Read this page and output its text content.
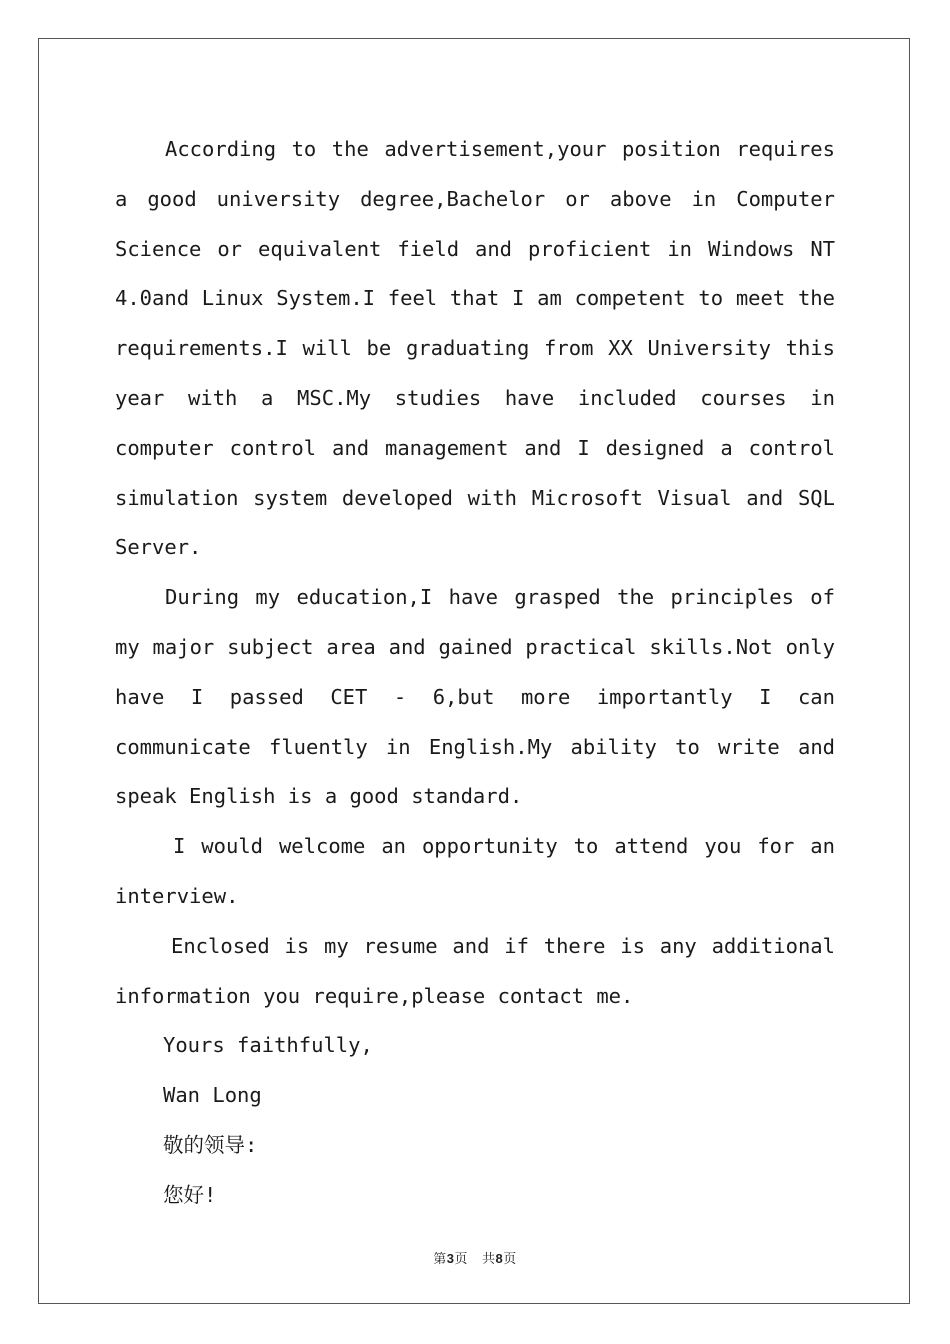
According to the advertisement,your position requires a good university degree,Bachelor or above in Computer Science or equivalent field and proficient in Windows NT 4.0and Linux System.I feel that I am competent to meet the requirements.I will be graduating from XX University this year with a MSC.My studies have included courses in computer control and management and I designed a control simulation system developed with Microsoft Visual and SQL Server.

During my education,I have grasped the principles of my major subject area and gained practical skills.Not only have I passed CET - 6,but more importantly I can communicate fluently in English.My ability to write and speak English is a good standard.

I would welcome an opportunity to attend you for an interview.

Enclosed is my resume and if there is any additional information you require,please contact me.

Yours faithfully,

Wan Long

敬的领导:

您好!

第3页 共8页
